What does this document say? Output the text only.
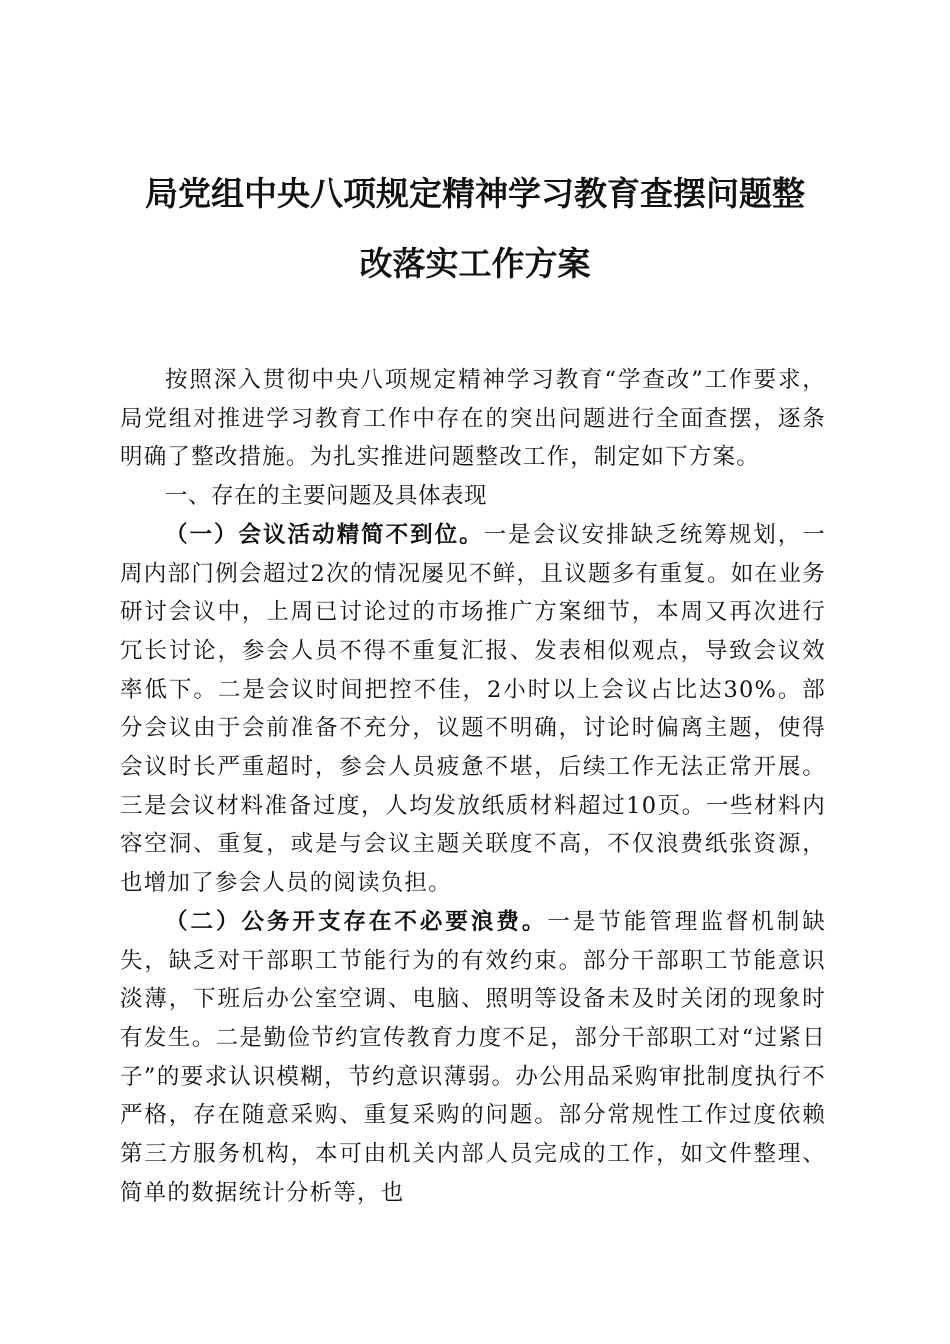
局党组中央八项规定精神学习教育查摆问题整
改落实工作方案

按照深入贯彻中央八项规定精神学习教育“学查改”工作要求，局党组对推进学习教育工作中存在的突出问题进行全面查摆，逐条明确了整改措施。为扎实推进问题整改工作，制定如下方案。

一、存在的主要问题及具体表现

（一）会议活动精简不到位。一是会议安排缺乏统筹规划，一周内部门例会超过2次的情况屡见不鲜，且议题多有重复。如在业务研讨会议中，上周已讨论过的市场推广方案细节，本周又再次进行冗长讨论，参会人员不得不重复汇报、发表相似观点，导致会议效率低下。二是会议时间把控不佳，2小时以上会议占比达30%。部分会议由于会前准备不充分，议题不明确，讨论时偏离主题，使得会议时长严重超时，参会人员疲惫不堪，后续工作无法正常开展。三是会议材料准备过度，人均发放纸质材料超过10页。一些材料内容空洞、重复，或是与会议主题关联度不高，不仅浪费纸张资源，也增加了参会人员的阅读负担。

（二）公务开支存在不必要浪费。一是节能管理监督机制缺失，缺乏对干部职工节能行为的有效约束。部分干部职工节能意识淡薄，下班后办公室空调、电脑、照明等设备未及时关闭的现象时有发生。二是勤俭节约宣传教育力度不足，部分干部职工对“过紧日子”的要求认识模糊，节约意识薄弱。办公用品采购审批制度执行不严格，存在随意采购、重复采购的问题。部分常规性工作过度依赖第三方服务机构，本可由机关内部人员完成的工作，如文件整理、简单的数据统计分析等，也
